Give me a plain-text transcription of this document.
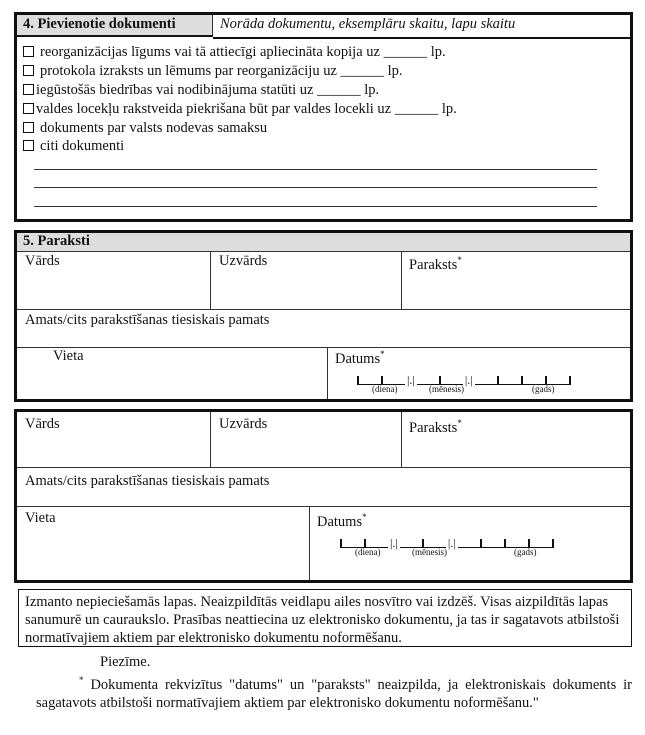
4. Pievienotie dokumenti	Norāda dokumentu, eksemplāru skaitu, lapu skaitu
reorganizācijas līgums vai tā attiecīgi apliecināta kopija uz ______ lp.
protokola izraksts un lēmums par reorganizāciju uz ______ lp.
iegūstošās biedrības vai nodibinājuma statūti uz ______ lp.
valdes locekļu rakstveida piekrišana būt par valdes locekli uz ______ lp.
dokuments par valsts nodevas samaksu
citi dokumenti
5. Paraksti
Vārds	Uzvārds	Paraksts*
Amats/cits parakstīšanas tiesiskais pamats
Vieta	Datums*
|.|	|.|
(diena)	(mēnesis)	(gads)
Vārds	Uzvārds	Paraksts*
Amats/cits parakstīšanas tiesiskais pamats
Vieta	Datums*
|.|	|.|
(diena)	(mēnesis)	(gads)
Izmanto nepieciešamās lapas. Neaizpildītās veidlapu ailes nosvītro vai izdzēš. Visas aizpildītās lapas sanumurē un cauraukslo. Prasības neattiecina uz elektronisko dokumentu, ja tas ir sagatavots atbilstoši normatīvajiem aktiem par elektronisko dokumentu noformēšanu.
Piezīme.
* Dokumenta rekvizītus "datums" un "paraksts" neaizpilda, ja elektroniskais dokuments ir sagatavots atbilstoši normatīvajiem aktiem par elektronisko dokumentu noformēšanu."
